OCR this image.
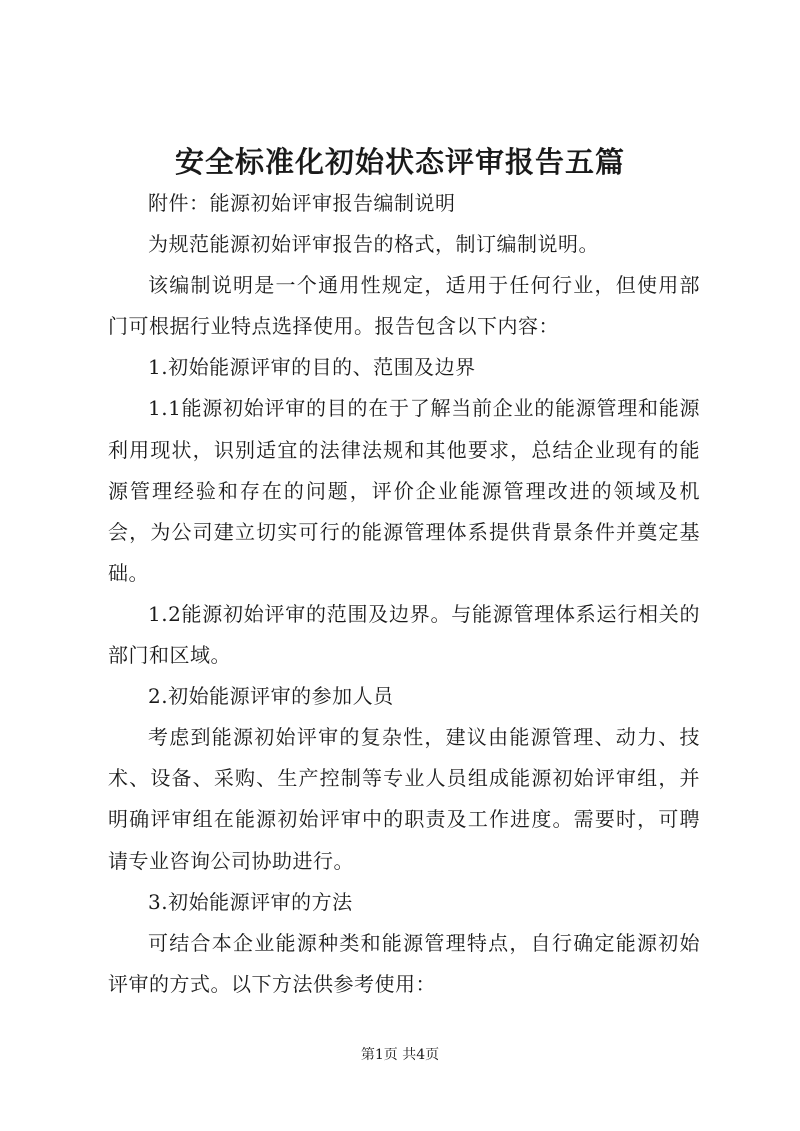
安全标准化初始状态评审报告五篇

附件：能源初始评审报告编制说明

为规范能源初始评审报告的格式，制订编制说明。

该编制说明是一个通用性规定，适用于任何行业，但使用部门可根据行业特点选择使用。报告包含以下内容：

1.初始能源评审的目的、范围及边界

1.1能源初始评审的目的在于了解当前企业的能源管理和能源利用现状，识别适宜的法律法规和其他要求，总结企业现有的能源管理经验和存在的问题，评价企业能源管理改进的领域及机会，为公司建立切实可行的能源管理体系提供背景条件并奠定基础。

1.2能源初始评审的范围及边界。与能源管理体系运行相关的部门和区域。

2.初始能源评审的参加人员

考虑到能源初始评审的复杂性，建议由能源管理、动力、技术、设备、采购、生产控制等专业人员组成能源初始评审组，并明确评审组在能源初始评审中的职责及工作进度。需要时，可聘请专业咨询公司协助进行。

3.初始能源评审的方法

可结合本企业能源种类和能源管理特点，自行确定能源初始评审的方式。以下方法供参考使用：

第1页 共4页
